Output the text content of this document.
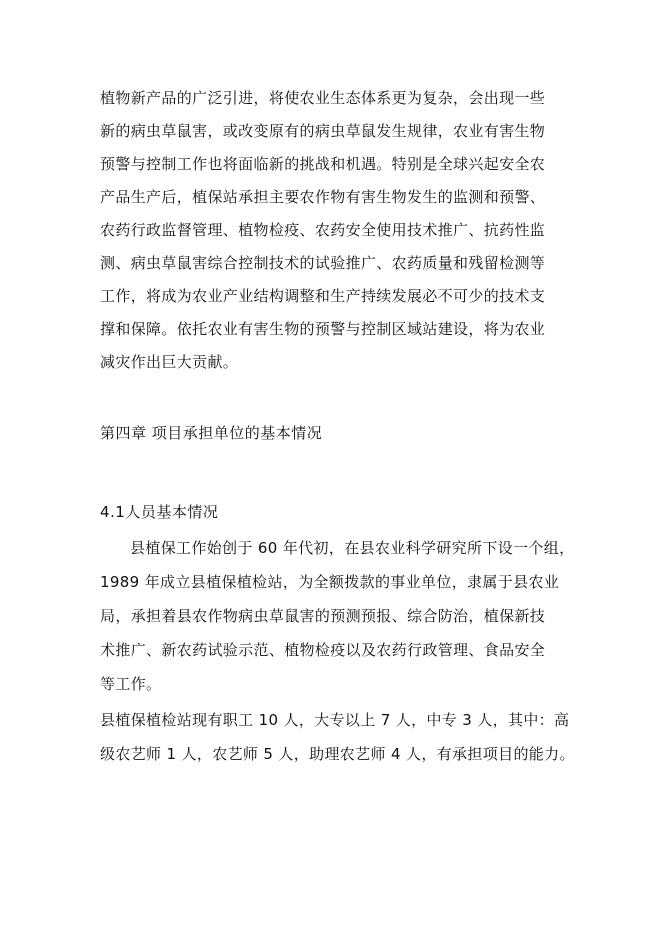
植物新产品的广泛引进，将使农业生态体系更为复杂，会出现一些
新的病虫草鼠害，或改变原有的病虫草鼠发生规律，农业有害生物
预警与控制工作也将面临新的挑战和机遇。特别是全球兴起安全农
产品生产后，植保站承担主要农作物有害生物发生的监测和预警、
农药行政监督管理、植物检疫、农药安全使用技术推广、抗药性监
测、病虫草鼠害综合控制技术的试验推广、农药质量和残留检测等
工作，将成为农业产业结构调整和生产持续发展必不可少的技术支
撑和保障。依托农业有害生物的预警与控制区域站建设，将为农业
减灾作出巨大贡献。
第四章 项目承担单位的基本情况
4.1人员基本情况
县植保工作始创于 60 年代初，在县农业科学研究所下设一个组，
1989 年成立县植保植检站，为全额拨款的事业单位，隶属于县农业
局，承担着县农作物病虫草鼠害的预测预报、综合防治，植保新技
术推广、新农药试验示范、植物检疫以及农药行政管理、食品安全
等工作。
县植保植检站现有职工 10 人，大专以上 7 人，中专 3 人，其中：高
级农艺师 1 人，农艺师 5 人，助理农艺师 4 人，有承担项目的能力。
